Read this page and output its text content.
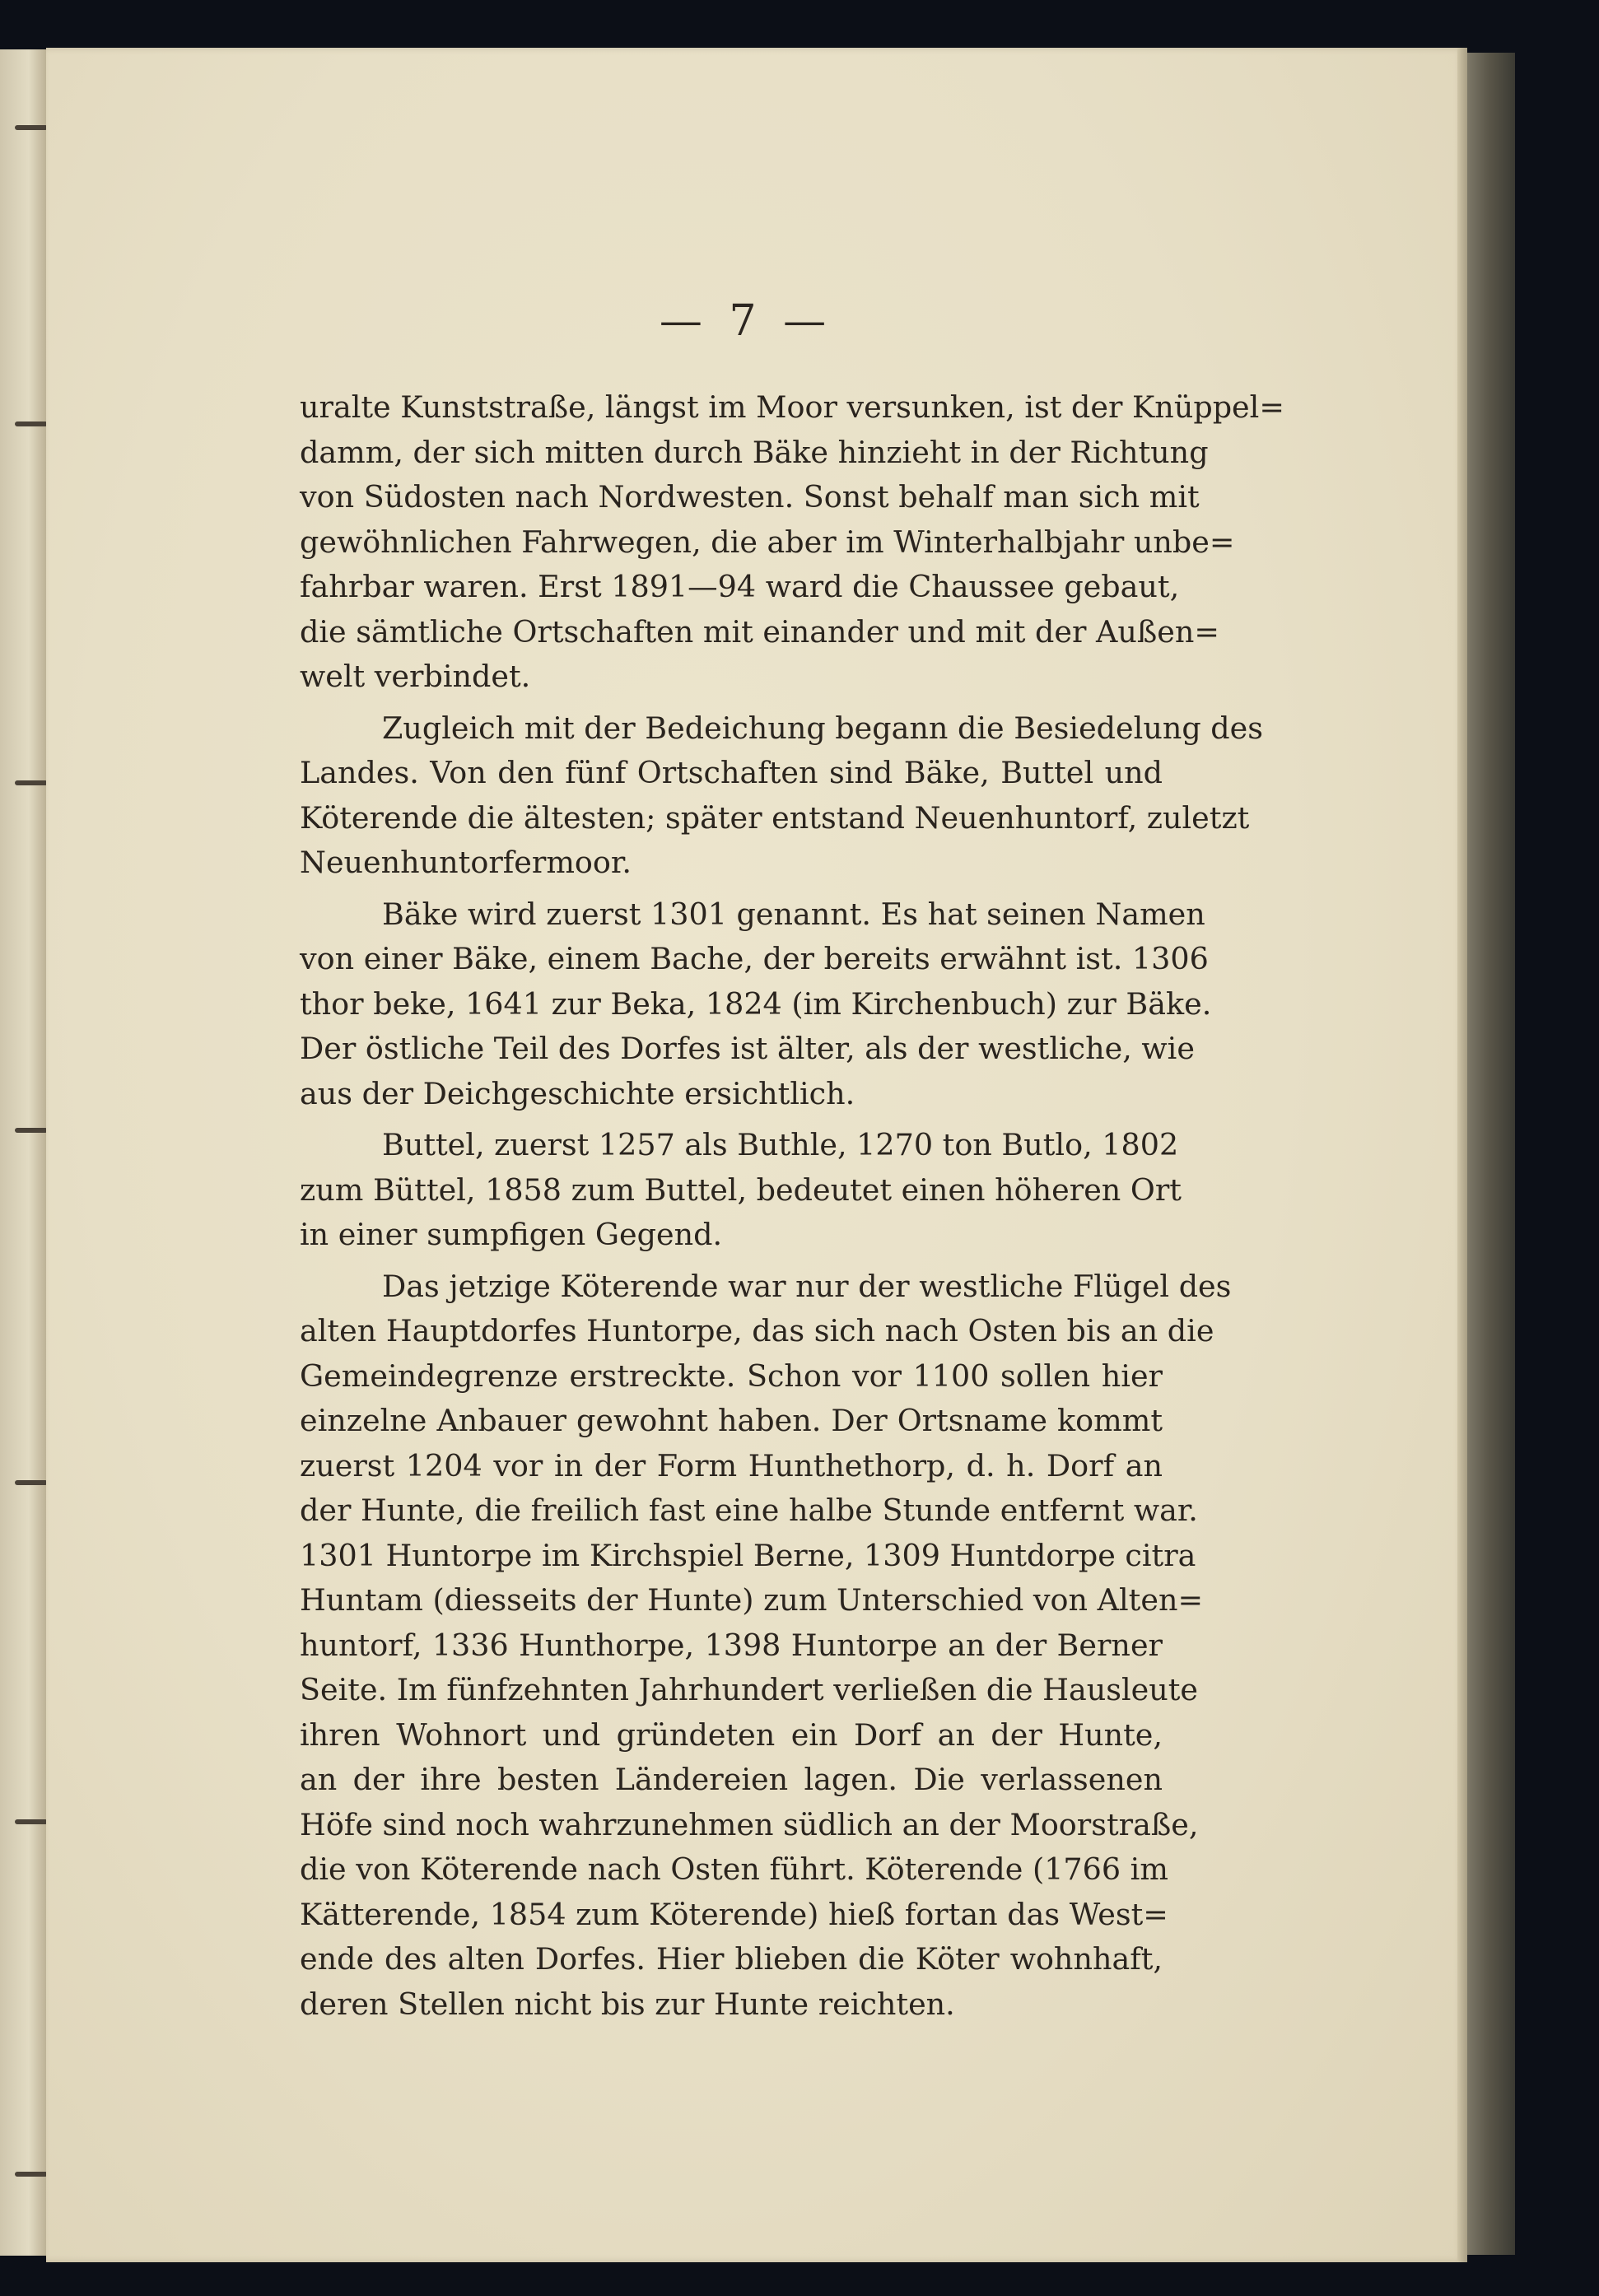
— 7 —

uralte Kunststraße, längst im Moor versunken, ist der Knüppel=
damm, der sich mitten durch Bäke hinzieht in der Richtung
von Südosten nach Nordwesten. Sonst behalf man sich mit
gewöhnlichen Fahrwegen, die aber im Winterhalbjahr unbe=
fahrbar waren. Erst 1891—94 ward die Chaussee gebaut,
die sämtliche Ortschaften mit einander und mit der Außen=
welt verbindet.

Zugleich mit der Bedeichung begann die Besiedelung des
Landes. Von den fünf Ortschaften sind Bäke, Buttel und
Köterende die ältesten; später entstand Neuenhuntorf, zuletzt
Neuenhuntorfermoor.

Bäke wird zuerst 1301 genannt. Es hat seinen Namen
von einer Bäke, einem Bache, der bereits erwähnt ist. 1306
thor beke, 1641 zur Beka, 1824 (im Kirchenbuch) zur Bäke.
Der östliche Teil des Dorfes ist älter, als der westliche, wie
aus der Deichgeschichte ersichtlich.

Buttel, zuerst 1257 als Buthle, 1270 ton Butlo, 1802
zum Büttel, 1858 zum Buttel, bedeutet einen höheren Ort
in einer sumpfigen Gegend.

Das jetzige Köterende war nur der westliche Flügel des
alten Hauptdorfes Huntorpe, das sich nach Osten bis an die
Gemeindegrenze erstreckte. Schon vor 1100 sollen hier
einzelne Anbauer gewohnt haben. Der Ortsname kommt
zuerst 1204 vor in der Form Hunthethorp, d. h. Dorf an
der Hunte, die freilich fast eine halbe Stunde entfernt war.
1301 Huntorpe im Kirchspiel Berne, 1309 Huntdorpe citra
Huntam (diesseits der Hunte) zum Unterschied von Alten=
huntorf, 1336 Hunthorpe, 1398 Huntorpe an der Berner
Seite. Im fünfzehnten Jahrhundert verließen die Hausleute
ihren Wohnort und gründeten ein Dorf an der Hunte,
an der ihre besten Ländereien lagen. Die verlassenen
Höfe sind noch wahrzunehmen südlich an der Moorstraße,
die von Köterende nach Osten führt. Köterende (1766 im
Kätterende, 1854 zum Köterende) hieß fortan das West=
ende des alten Dorfes. Hier blieben die Köter wohnhaft,
deren Stellen nicht bis zur Hunte reichten.
